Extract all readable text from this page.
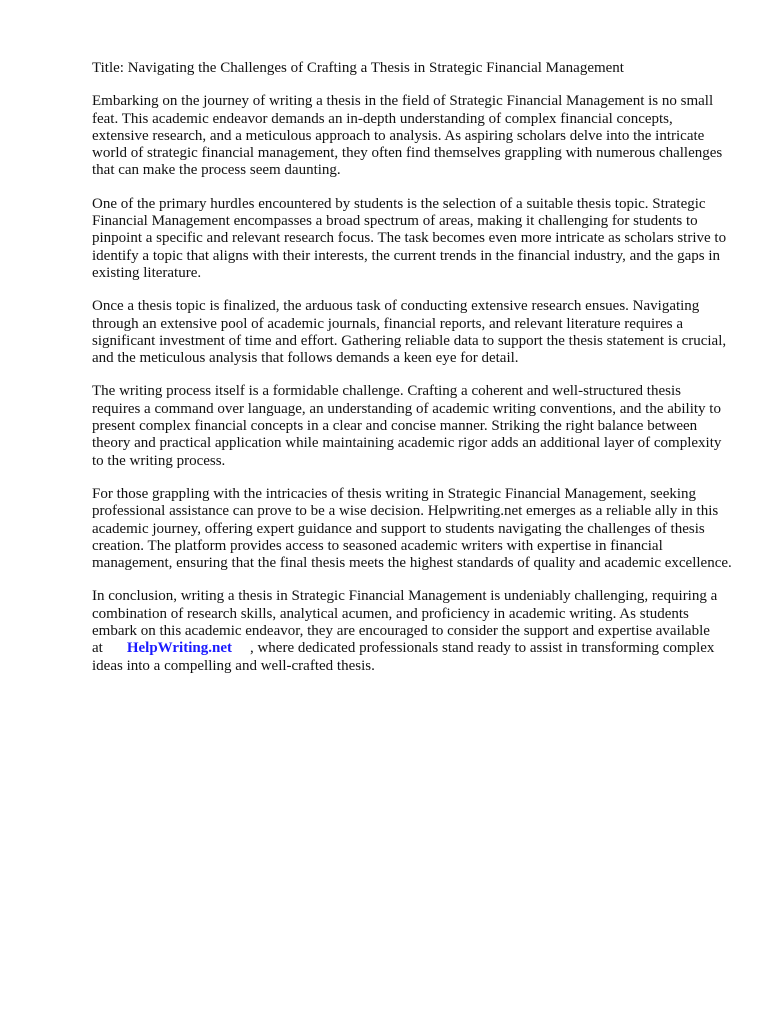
Title: Navigating the Challenges of Crafting a Thesis in Strategic Financial Management

Embarking on the journey of writing a thesis in the field of Strategic Financial Management is no small feat. This academic endeavor demands an in-depth understanding of complex financial concepts, extensive research, and a meticulous approach to analysis. As aspiring scholars delve into the intricate world of strategic financial management, they often find themselves grappling with numerous challenges that can make the process seem daunting.

One of the primary hurdles encountered by students is the selection of a suitable thesis topic. Strategic Financial Management encompasses a broad spectrum of areas, making it challenging for students to pinpoint a specific and relevant research focus. The task becomes even more intricate as scholars strive to identify a topic that aligns with their interests, the current trends in the financial industry, and the gaps in existing literature.

Once a thesis topic is finalized, the arduous task of conducting extensive research ensues. Navigating through an extensive pool of academic journals, financial reports, and relevant literature requires a significant investment of time and effort. Gathering reliable data to support the thesis statement is crucial, and the meticulous analysis that follows demands a keen eye for detail.

The writing process itself is a formidable challenge. Crafting a coherent and well-structured thesis requires a command over language, an understanding of academic writing conventions, and the ability to present complex financial concepts in a clear and concise manner. Striking the right balance between theory and practical application while maintaining academic rigor adds an additional layer of complexity to the writing process.

For those grappling with the intricacies of thesis writing in Strategic Financial Management, seeking professional assistance can prove to be a wise decision. Helpwriting.net emerges as a reliable ally in this academic journey, offering expert guidance and support to students navigating the challenges of thesis creation. The platform provides access to seasoned academic writers with expertise in financial management, ensuring that the final thesis meets the highest standards of quality and academic excellence.

In conclusion, writing a thesis in Strategic Financial Management is undeniably challenging, requiring a combination of research skills, analytical acumen, and proficiency in academic writing. As students embark on this academic endeavor, they are encouraged to consider the support and expertise available at HelpWriting.net , where dedicated professionals stand ready to assist in transforming complex ideas into a compelling and well-crafted thesis.
